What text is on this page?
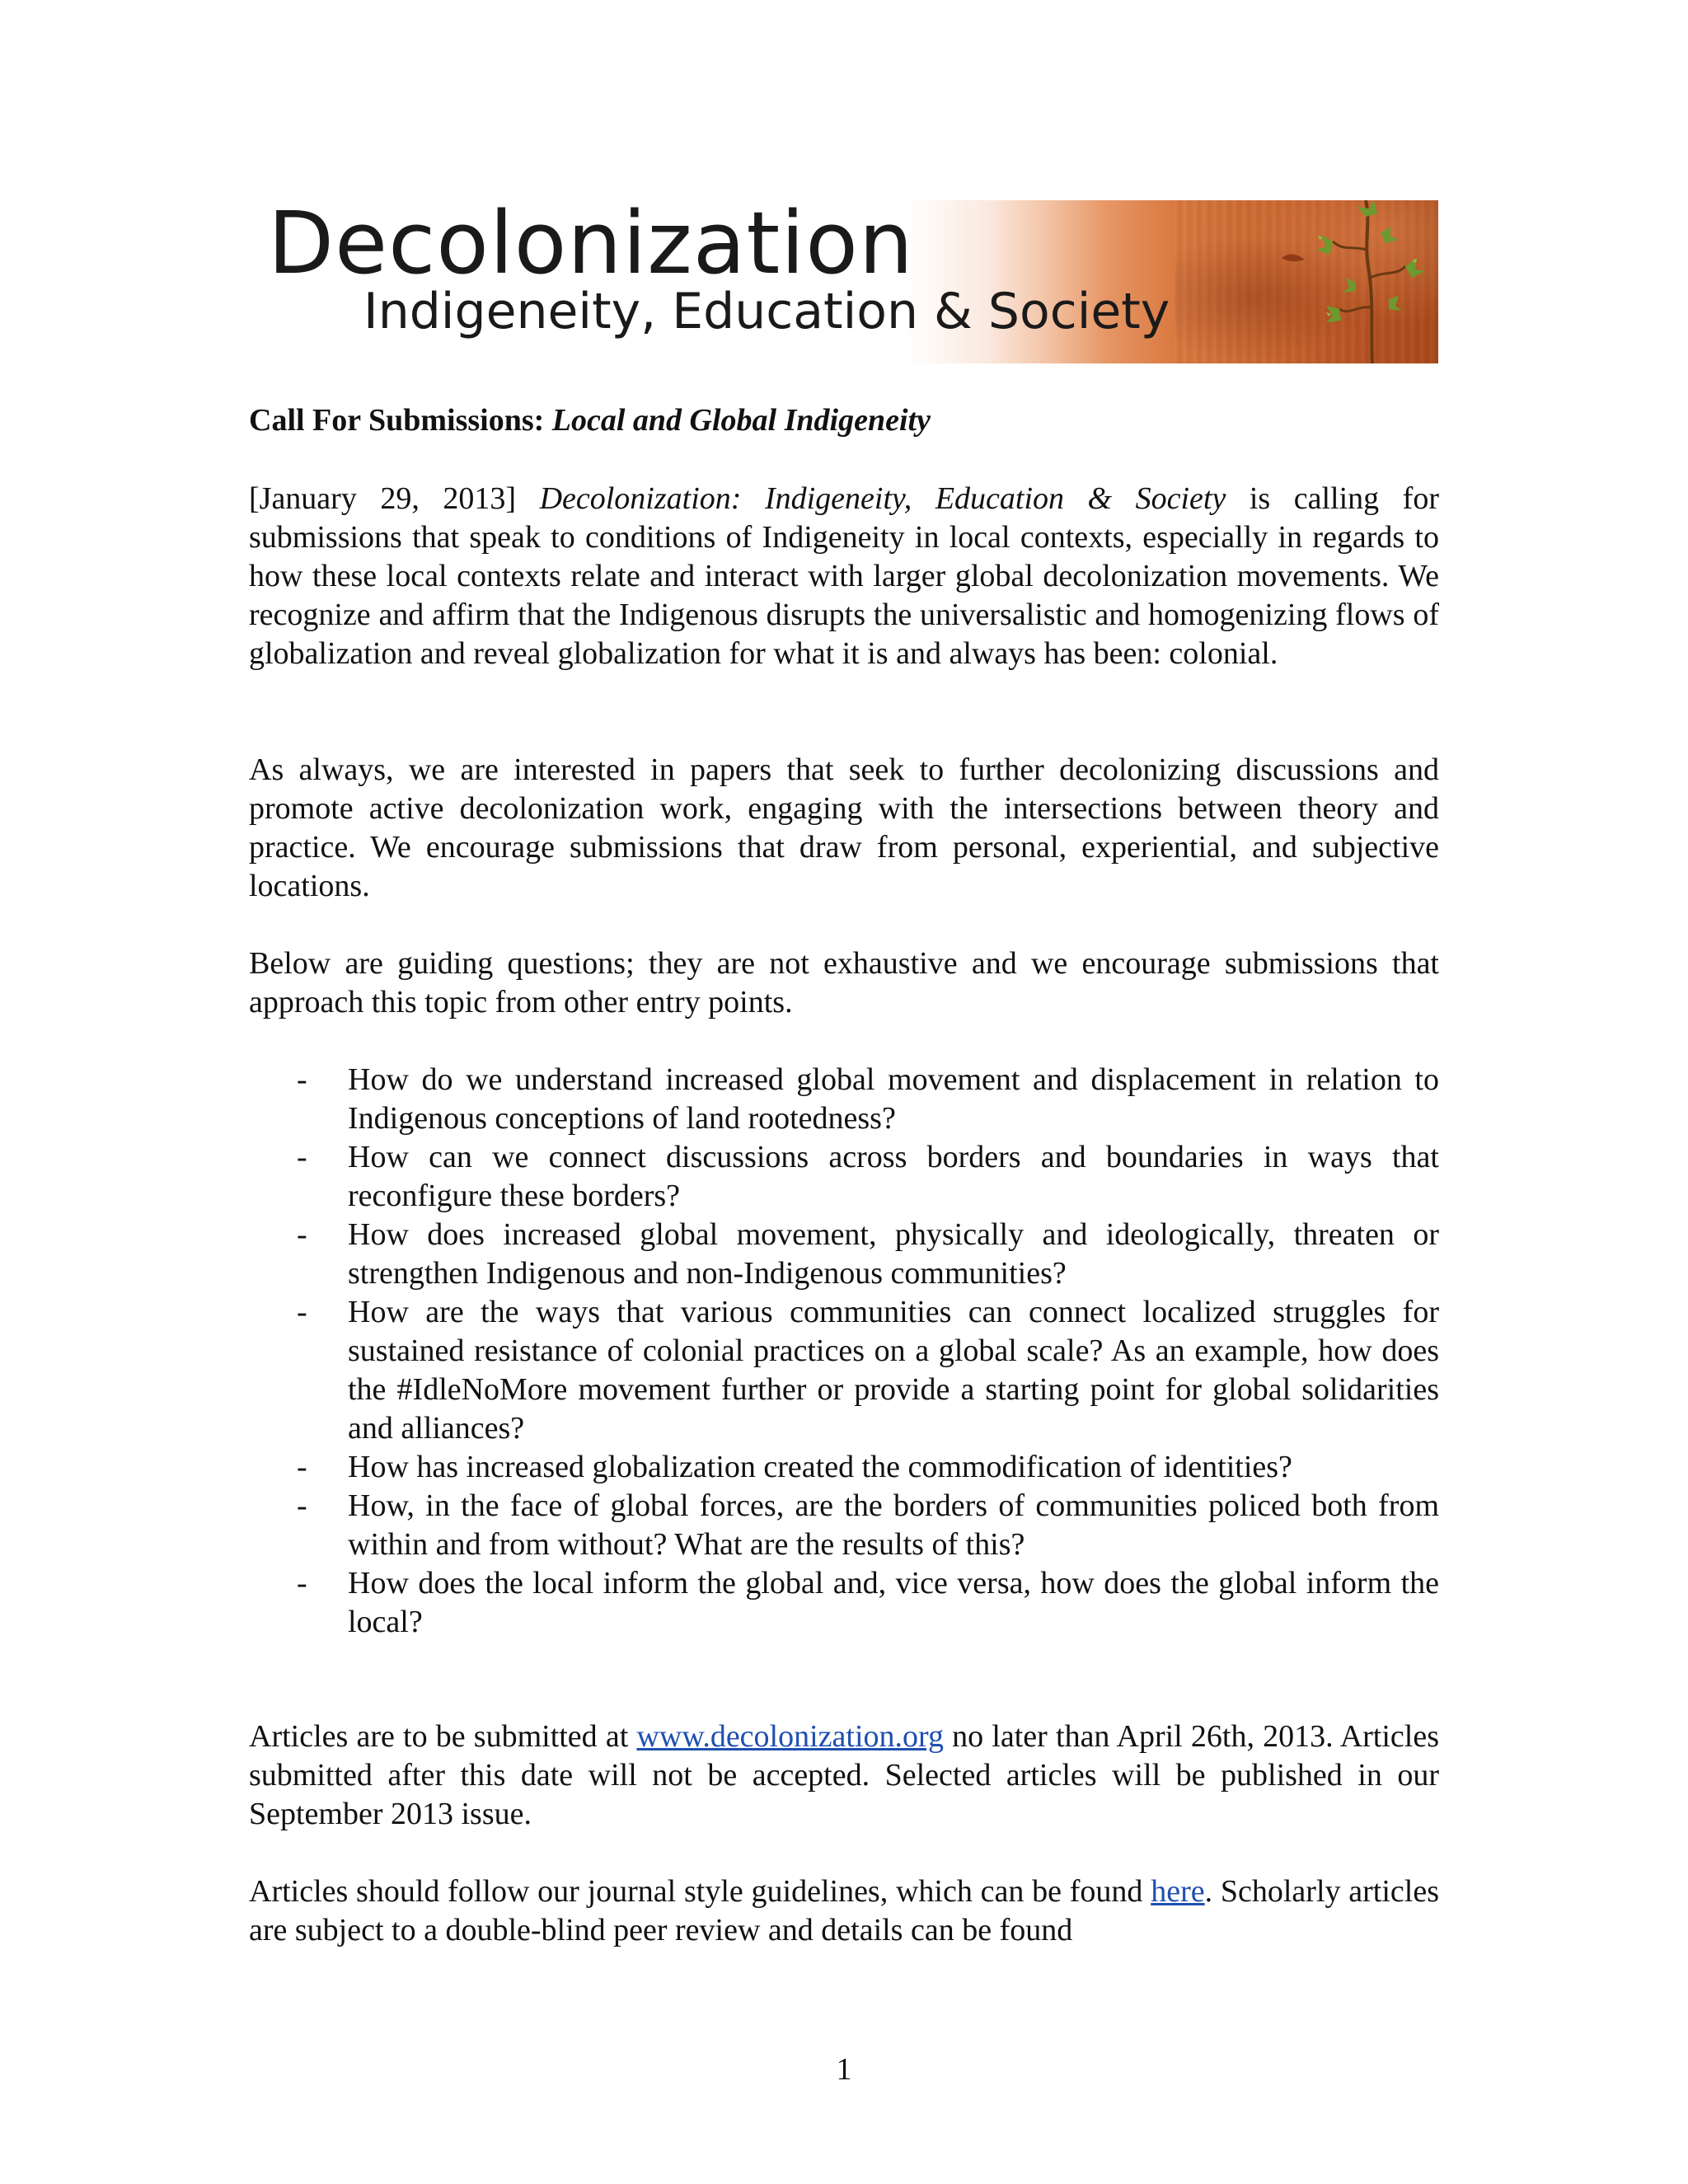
Decolonization
Indigeneity, Education & Society
Call For Submissions: Local and Global Indigeneity
[January 29, 2013] Decolonization: Indigeneity, Education & Society is calling for submissions that speak to conditions of Indigeneity in local contexts, especially in regards to how these local contexts relate and interact with larger global decolonization movements. We recognize and affirm that the Indigenous disrupts the universalistic and homogenizing flows of globalization and reveal globalization for what it is and always has been: colonial.
As always, we are interested in papers that seek to further decolonizing discussions and promote active decolonization work, engaging with the intersections between theory and practice. We encourage submissions that draw from personal, experiential, and subjective locations.
Below are guiding questions; they are not exhaustive and we encourage submissions that approach this topic from other entry points.
- How do we understand increased global movement and displacement in relation to Indigenous conceptions of land rootedness?
- How can we connect discussions across borders and boundaries in ways that reconfigure these borders?
- How does increased global movement, physically and ideologically, threaten or strengthen Indigenous and non-Indigenous communities?
- How are the ways that various communities can connect localized struggles for sustained resistance of colonial practices on a global scale? As an example, how does the #IdleNoMore movement further or provide a starting point for global solidarities and alliances?
- How has increased globalization created the commodification of identities?
- How, in the face of global forces, are the borders of communities policed both from within and from without? What are the results of this?
- How does the local inform the global and, vice versa, how does the global inform the local?
Articles are to be submitted at www.decolonization.org no later than April 26th, 2013. Articles submitted after this date will not be accepted. Selected articles will be published in our September 2013 issue.
Articles should follow our journal style guidelines, which can be found here. Scholarly articles are subject to a double-blind peer review and details can be found
1
